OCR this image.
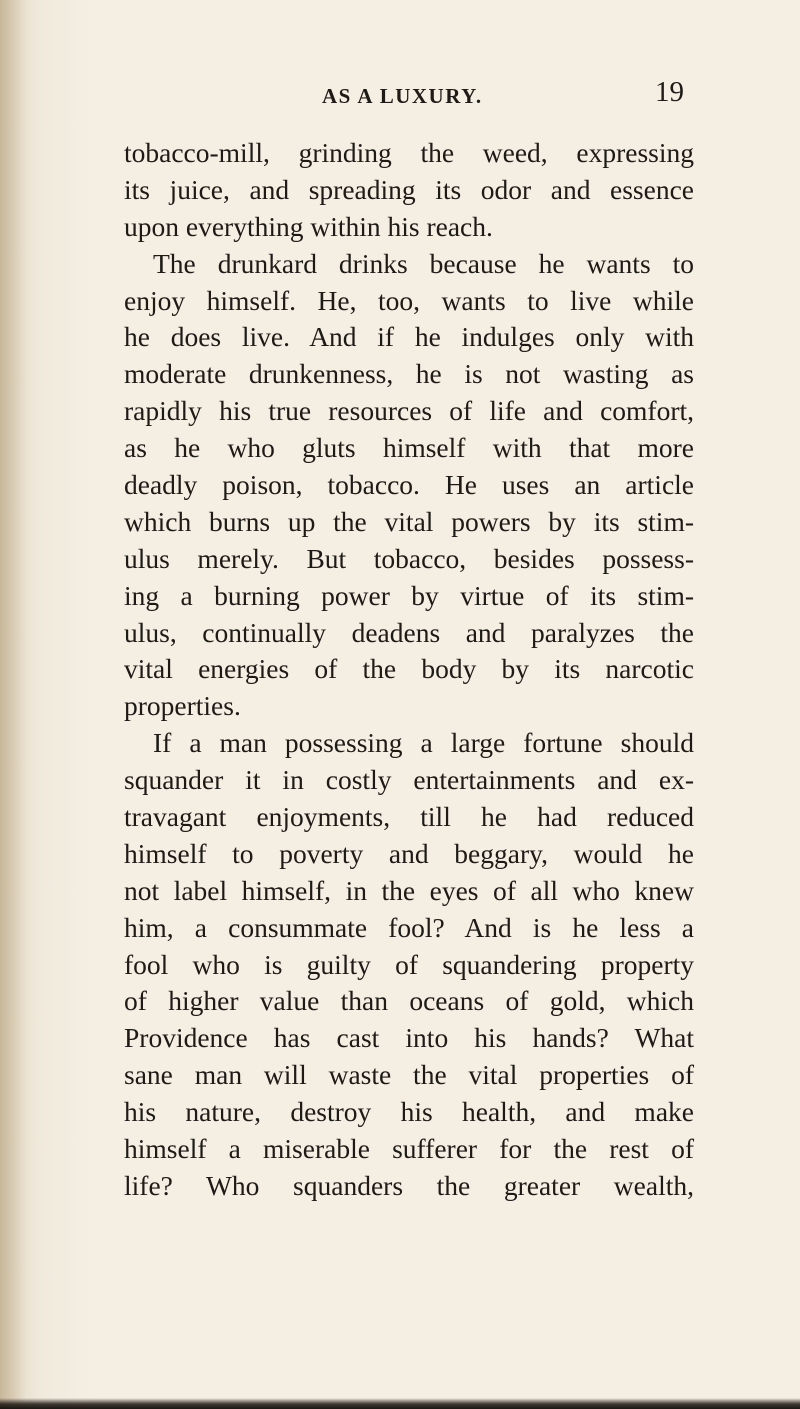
AS A LUXURY.	19
tobacco-mill, grinding the weed, expressing
its juice, and spreading its odor and essence
upon everything within his reach.
The drunkard drinks because he wants to
enjoy himself. He, too, wants to live while
he does live. And if he indulges only with
moderate drunkenness, he is not wasting as
rapidly his true resources of life and comfort,
as he who gluts himself with that more
deadly poison, tobacco. He uses an article
which burns up the vital powers by its stim-
ulus merely. But tobacco, besides possess-
ing a burning power by virtue of its stim-
ulus, continually deadens and paralyzes the
vital energies of the body by its narcotic
properties.
If a man possessing a large fortune should
squander it in costly entertainments and ex-
travagant enjoyments, till he had reduced
himself to poverty and beggary, would he
not label himself, in the eyes of all who knew
him, a consummate fool? And is he less a
fool who is guilty of squandering property
of higher value than oceans of gold, which
Providence has cast into his hands? What
sane man will waste the vital properties of
his nature, destroy his health, and make
himself a miserable sufferer for the rest of
life? Who squanders the greater wealth,
